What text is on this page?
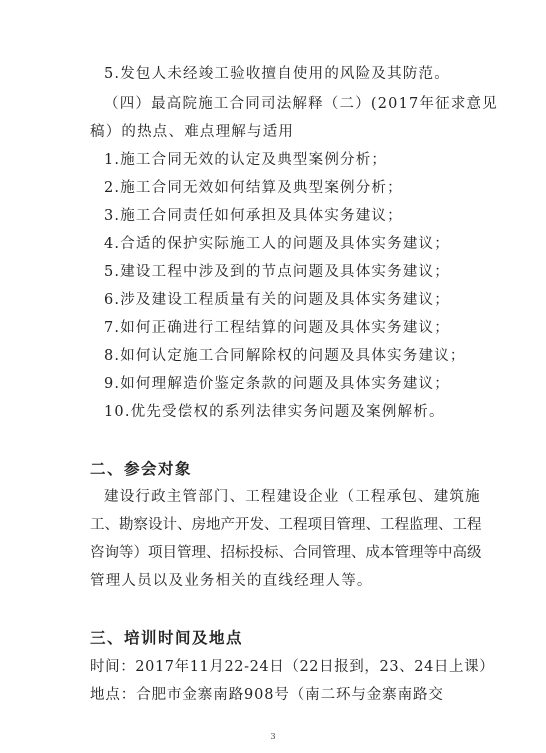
5.发包人未经竣工验收擅自使用的风险及其防范。
（四）最高院施工合同司法解释（二）(2017年征求意见
稿）的热点、难点理解与适用
1.施工合同无效的认定及典型案例分析；
2.施工合同无效如何结算及典型案例分析；
3.施工合同责任如何承担及具体实务建议；
4.合适的保护实际施工人的问题及具体实务建议；
5.建设工程中涉及到的节点问题及具体实务建议；
6.涉及建设工程质量有关的问题及具体实务建议；
7.如何正确进行工程结算的问题及具体实务建议；
8.如何认定施工合同解除权的问题及具体实务建议；
9.如何理解造价鉴定条款的问题及具体实务建议；
10.优先受偿权的系列法律实务问题及案例解析。
二、参会对象
建设行政主管部门、工程建设企业（工程承包、建筑施
工 、 勘 察 设 计 、 房 地 产 开 发 、 工 程 项 目 管 理 、 工 程 监 理 、 工 程
咨 询 等 ） 项 目 管 理 、 招 标 投 标 、 合 同 管 理 、 成 本 管 理 等 中 高 级
管理人员以及业务相关的直线经理人等。
三、培训时间及地点
时间：2017年11月22-24日（22日报到，23、24日上课）
地点：合肥市金寨南路908号（南二环与金寨南路交
3
